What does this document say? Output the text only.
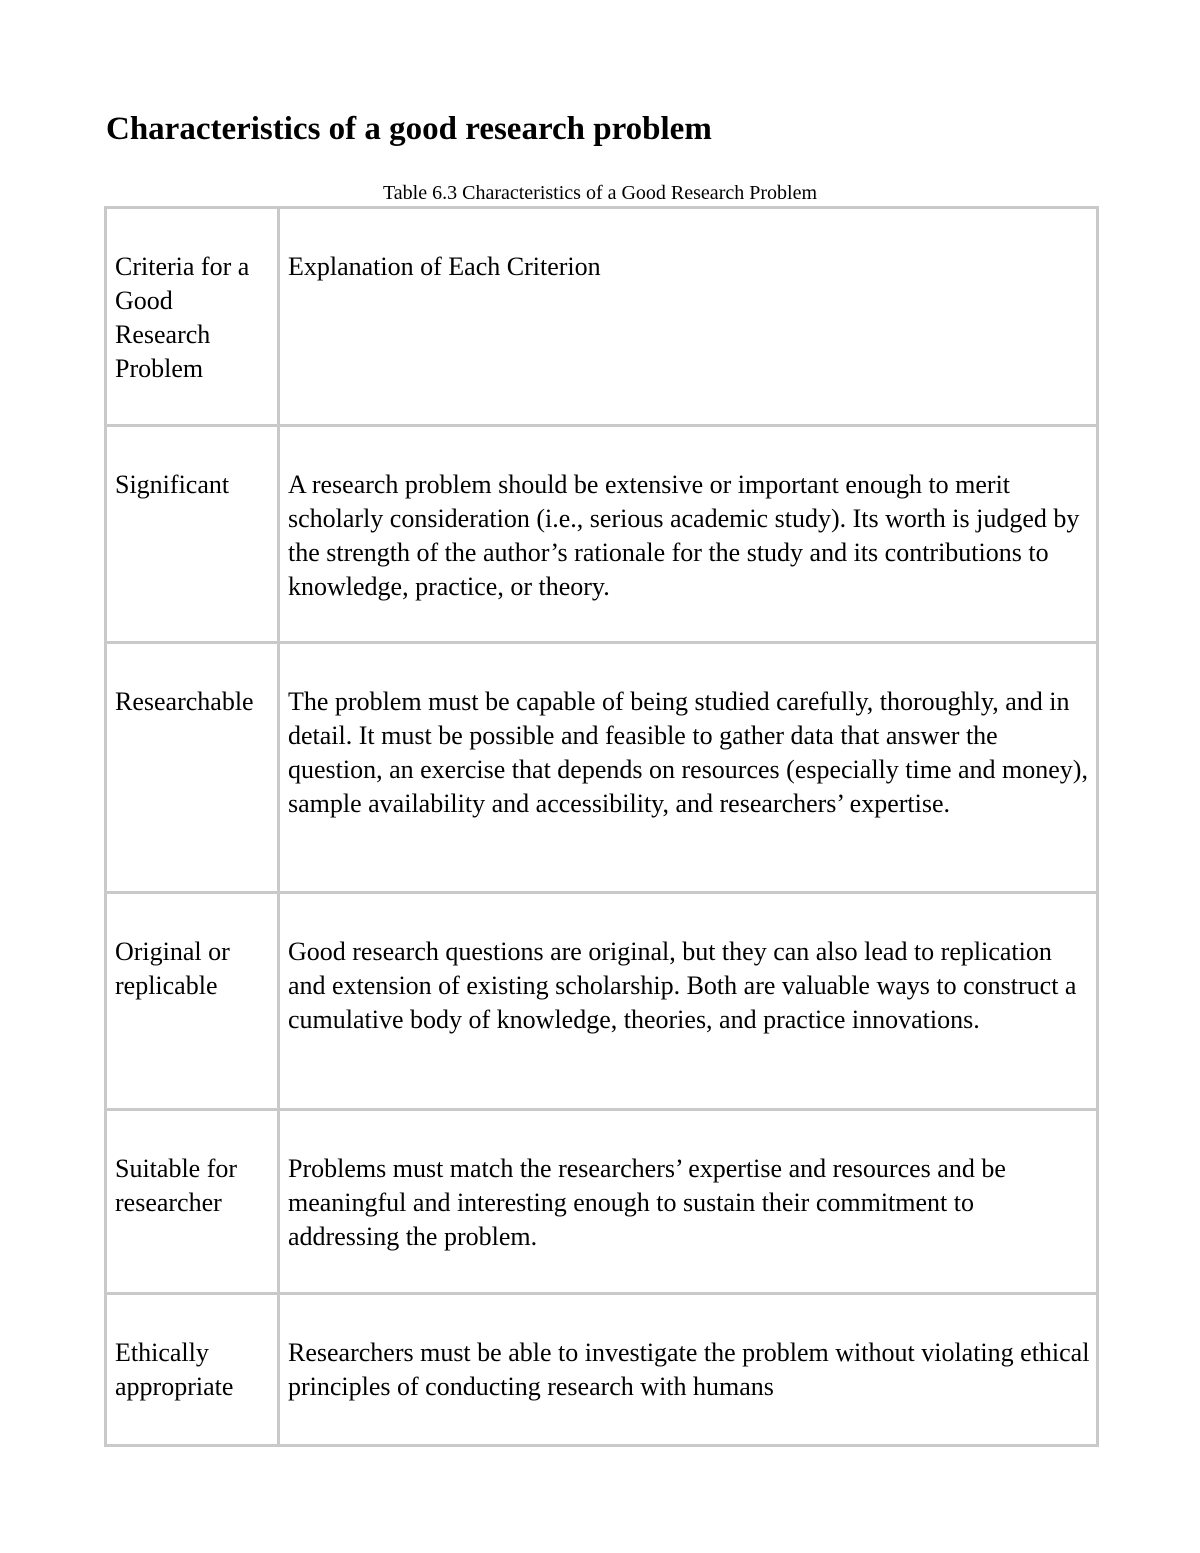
Characteristics of a good research problem
Table 6.3 Characteristics of a Good Research Problem
Criteria for a Good Research Problem	Explanation of Each Criterion
Significant	A research problem should be extensive or important enough to merit scholarly consideration (i.e., serious academic study). Its worth is judged by the strength of the author’s rationale for the study and its contributions to knowledge, practice, or theory.
Researchable	The problem must be capable of being studied carefully, thoroughly, and in detail. It must be possible and feasible to gather data that answer the question, an exercise that depends on resources (especially time and money), sample availability and accessibility, and researchers’ expertise.
Original or replicable	Good research questions are original, but they can also lead to replication and extension of existing scholarship. Both are valuable ways to construct a cumulative body of knowledge, theories, and practice innovations.
Suitable for researcher	Problems must match the researchers’ expertise and resources and be meaningful and interesting enough to sustain their commitment to addressing the problem.
Ethically appropriate	Researchers must be able to investigate the problem without violating ethical principles of conducting research with humans
